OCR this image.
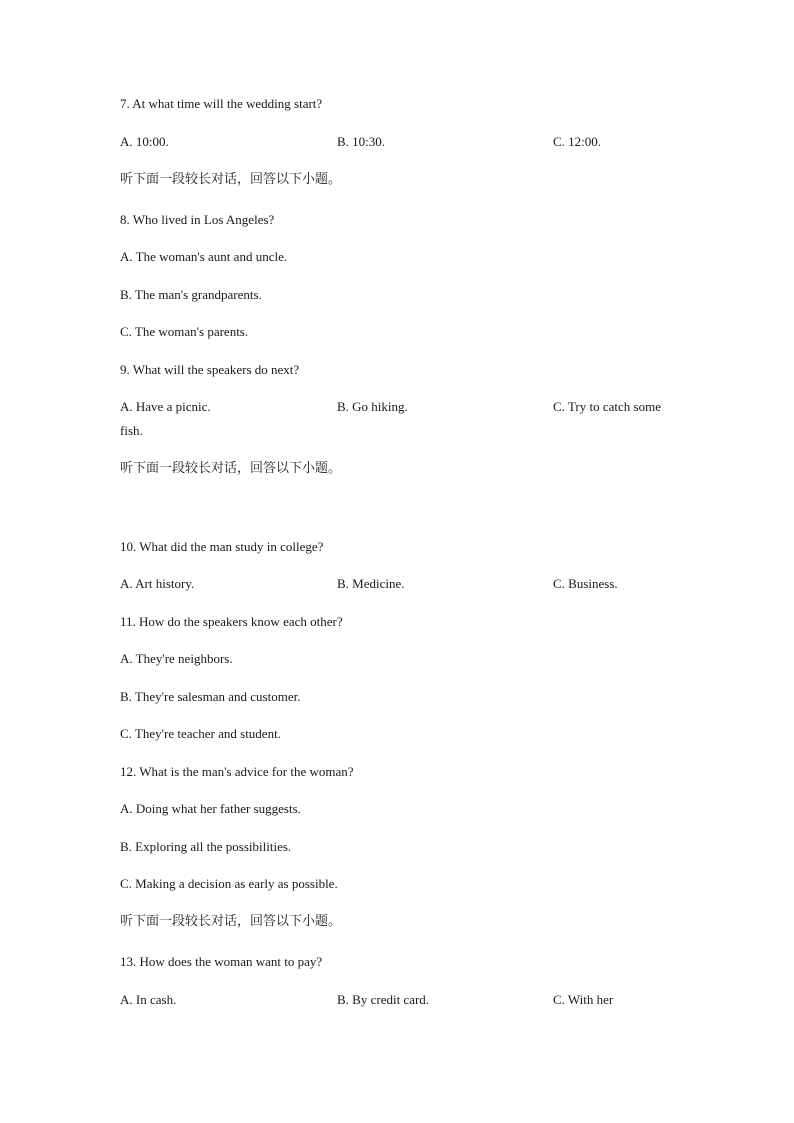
7. At what time will the wedding start?
A. 10:00.	B. 10:30.	C. 12:00.
听下面一段较长对话，回答以下小题。
8. Who lived in Los Angeles?
A. The woman's aunt and uncle.
B. The man's grandparents.
C. The woman's parents.
9. What will the speakers do next?
A. Have a picnic.	B. Go hiking.	C. Try to catch some
fish.
听下面一段较长对话，回答以下小题。
10. What did the man study in college?
A. Art history.	B. Medicine.	C. Business.
11. How do the speakers know each other?
A. They're neighbors.
B. They're salesman and customer.
C. They're teacher and student.
12. What is the man's advice for the woman?
A. Doing what her father suggests.
B. Exploring all the possibilities.
C. Making a decision as early as possible.
听下面一段较长对话，回答以下小题。
13. How does the woman want to pay?
A. In cash.	B. By credit card.	C. With her
